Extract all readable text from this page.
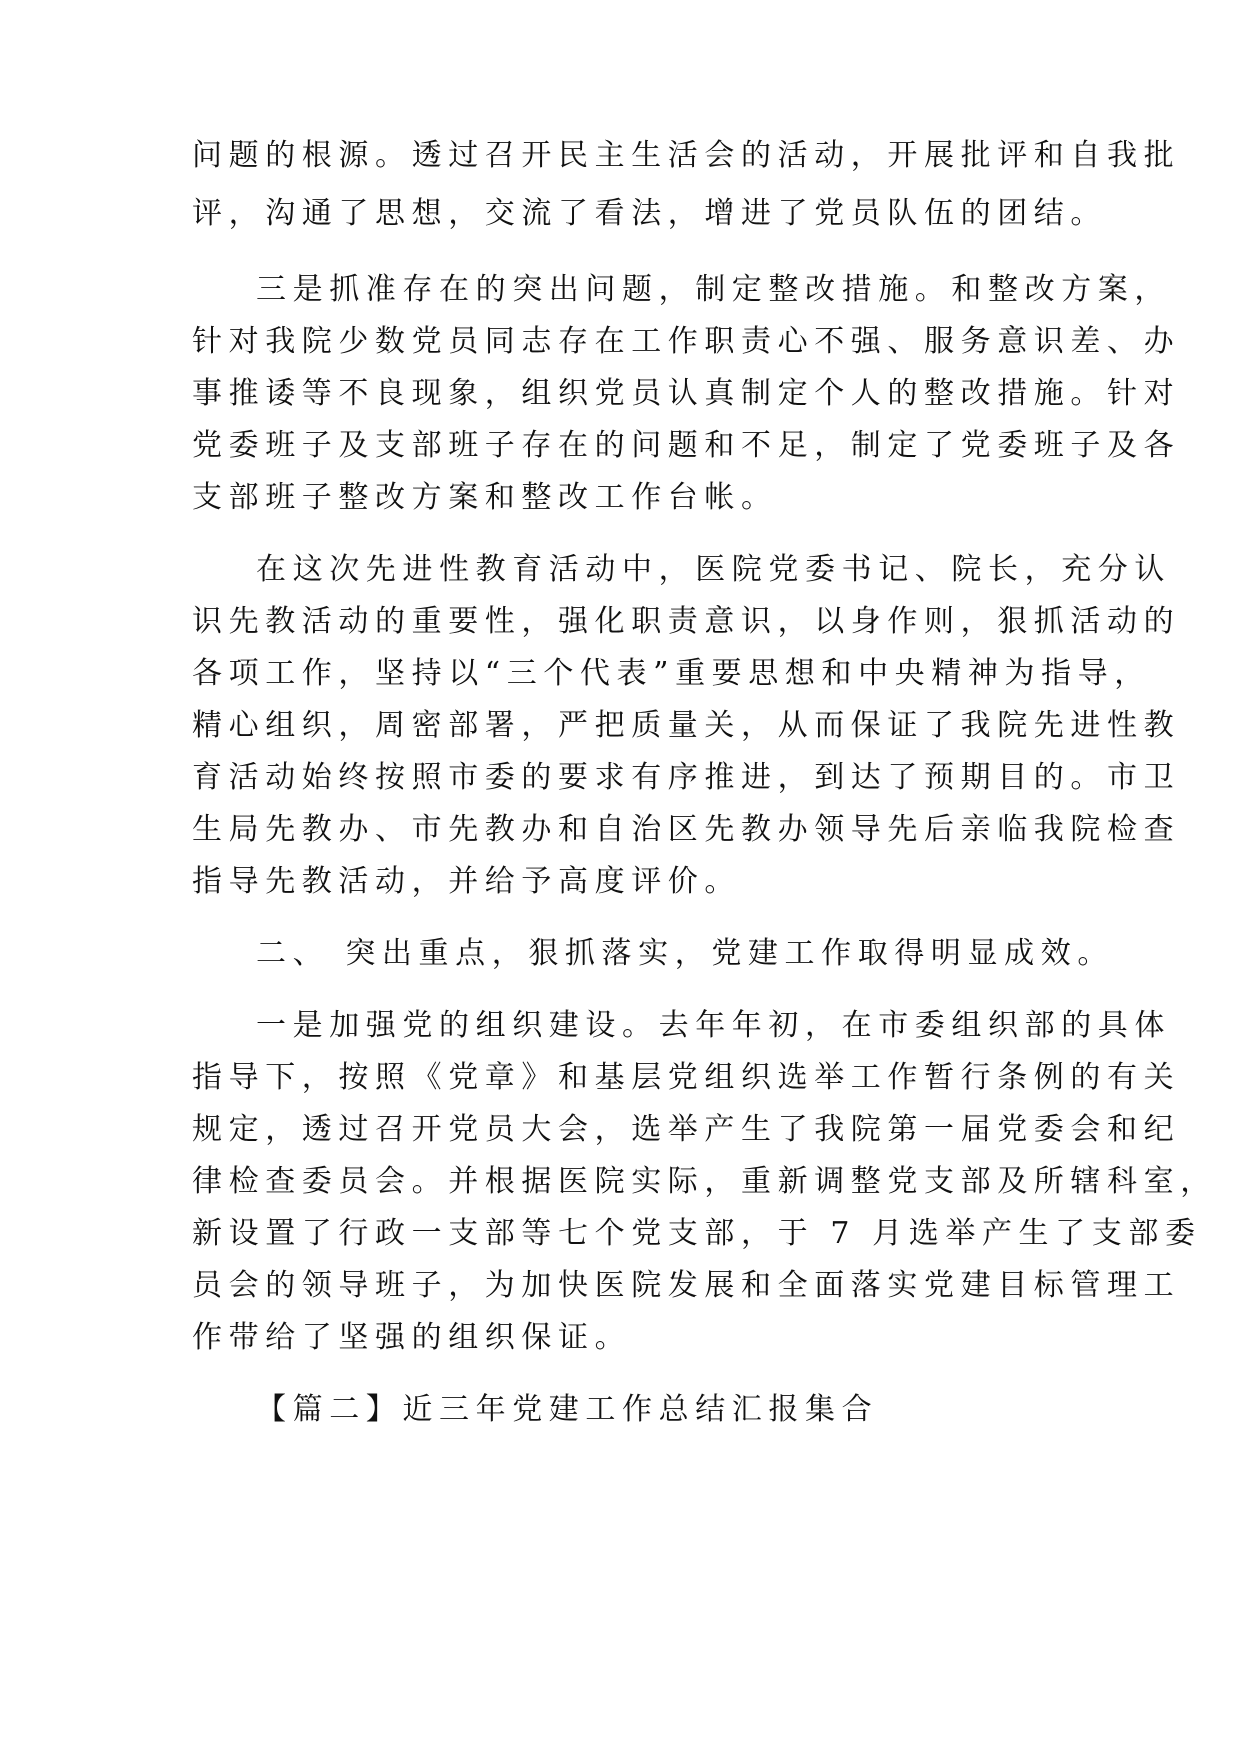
问题的根源。透过召开民主生活会的活动，开展批评和自我批
评，沟通了思想，交流了看法，增进了党员队伍的团结。
三是抓准存在的突出问题，制定整改措施。和整改方案，
针对我院少数党员同志存在工作职责心不强、服务意识差、办
事推诿等不良现象，组织党员认真制定个人的整改措施。针对
党委班子及支部班子存在的问题和不足，制定了党委班子及各
支部班子整改方案和整改工作台帐。
在这次先进性教育活动中，医院党委书记、院长，充分认
识先教活动的重要性，强化职责意识，以身作则，狠抓活动的
各项工作，坚持以“三个代表”重要思想和中央精神为指导，
精心组织，周密部署，严把质量关，从而保证了我院先进性教
育活动始终按照市委的要求有序推进，到达了预期目的。市卫
生局先教办、市先教办和自治区先教办领导先后亲临我院检查
指导先教活动，并给予高度评价。
二、 突出重点，狠抓落实，党建工作取得明显成效。
一是加强党的组织建设。去年年初，在市委组织部的具体
指导下，按照《党章》和基层党组织选举工作暂行条例的有关
规定，透过召开党员大会，选举产生了我院第一届党委会和纪
律检查委员会。并根据医院实际，重新调整党支部及所辖科室，
新设置了行政一支部等七个党支部，于 7 月选举产生了支部委
员会的领导班子，为加快医院发展和全面落实党建目标管理工
作带给了坚强的组织保证。
【篇二】近三年党建工作总结汇报集合
